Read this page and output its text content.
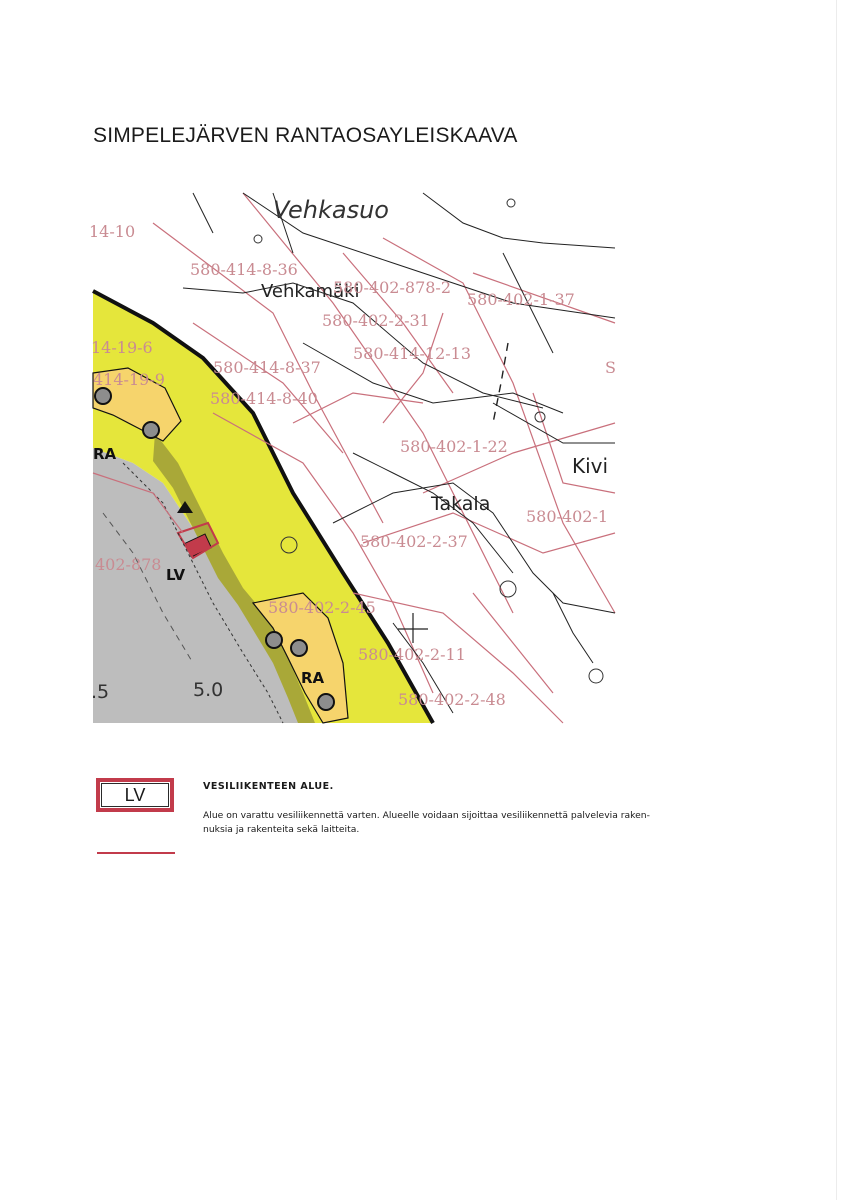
SIMPELEJÄRVEN RANTAOSAYLEISKAAVA
Vehkasuo
Vehkamäki
Takala
Kivi
RA
RA
LV
.5	5.0
14-10
580-414-8-36
580-402-878-2
580-402-1-37
580-402-2-31
580-414-12-13
14-19-6
414-19-9
580-414-8-37
580-414-8-40
580-402-1-22
580-402-1
580-402-2-37
402-878
580-402-2-45
580-402-2-11
580-402-2-48
S
LV	VESILIIKENTEEN ALUE.
Alue on varattu vesiliikennettä varten. Alueelle voidaan sijoittaa vesiliikennettä palvelevia raken-
nuksia ja rakenteita sekä laitteita.
